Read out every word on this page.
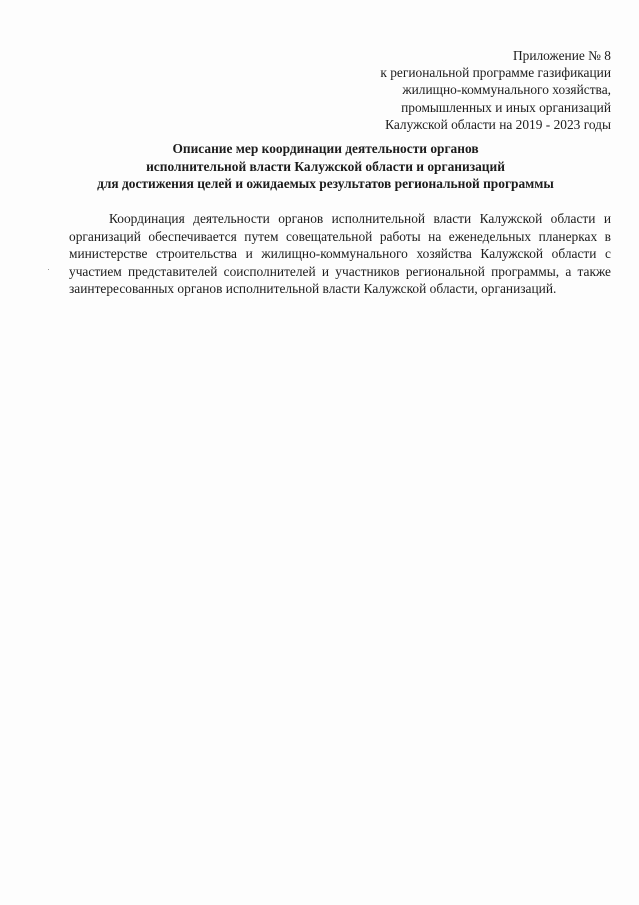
Приложение № 8
к региональной программе газификации
жилищно-коммунального хозяйства,
промышленных и иных организаций
Калужской области на 2019 - 2023 годы
Описание мер координации деятельности органов
исполнительной власти Калужской области и организаций
для достижения целей и ожидаемых результатов региональной программы
Координация деятельности органов исполнительной власти Калужской области и организаций обеспечивается путем совещательной работы на еженедельных планерках в министерстве строительства и жилищно-коммунального хозяйства Калужской области с участием представителей соисполнителей и участников региональной программы, а также заинтересованных органов исполнительной власти Калужской области, организаций.
